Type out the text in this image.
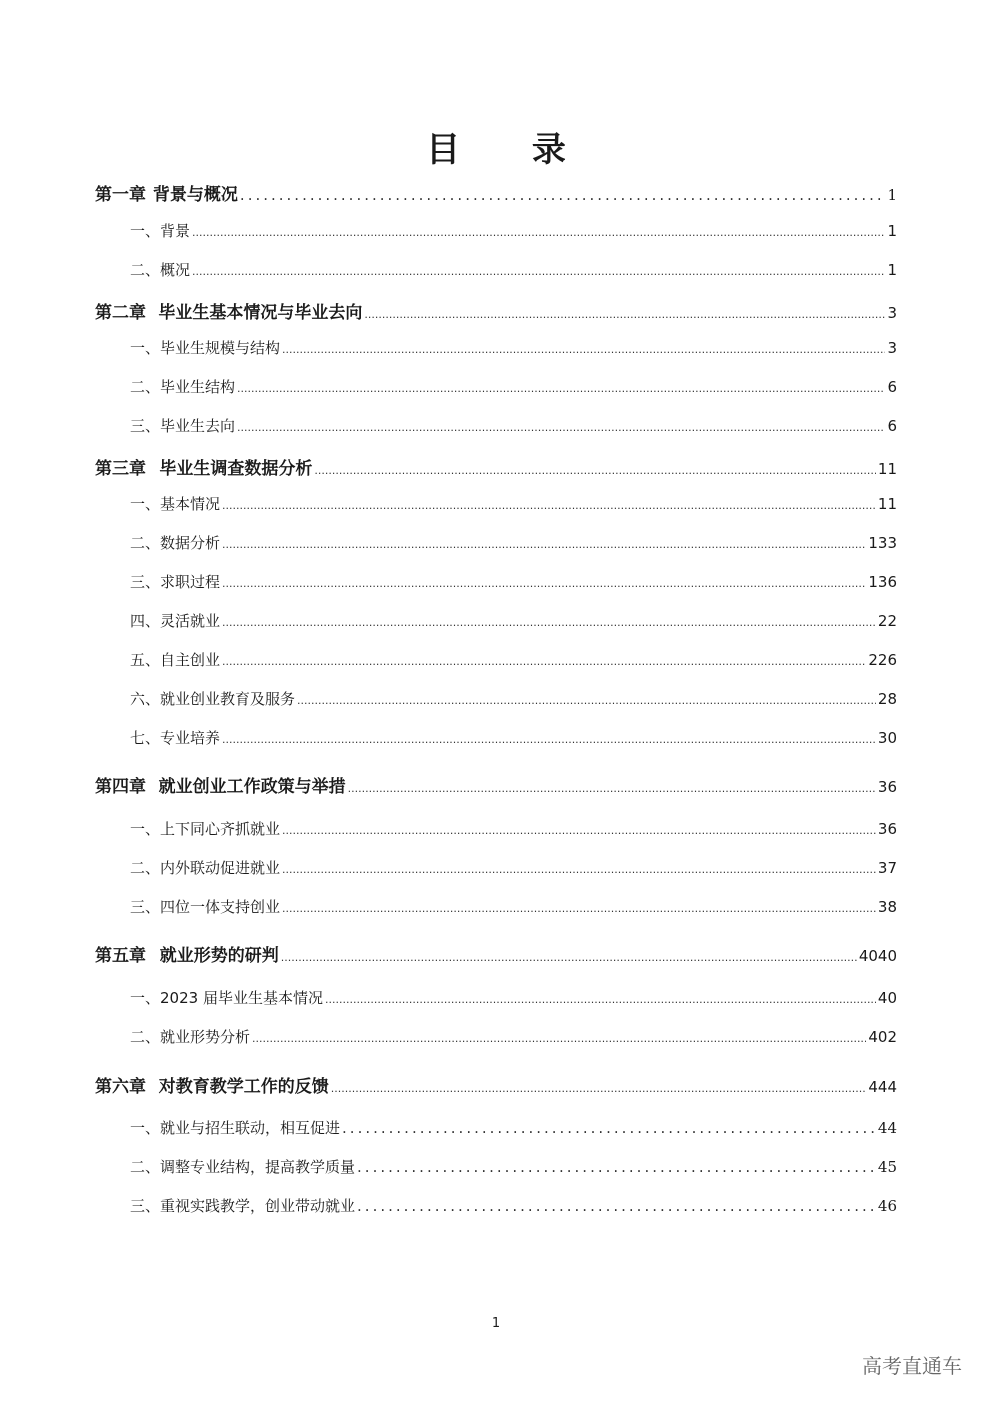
目 录
第一章 背景与概况 .....	1
一、 背景 .....	1
二、 概况 .....	1
第二章 毕业生基本情况与毕业去向 .....	3
一、 毕业生规模与结构 .....	3
二、 毕业生结构 .....	6
三、 毕业生去向 .....	6
第三章 毕业生调查数据分析 .....	11
一、 基本情况 .....	11
二、 数据分析 .....	133
三、 求职过程 .....	136
四、 灵活就业 .....	22
五、 自主创业 .....	226
六、 就业创业教育及服务 .....	28
七、 专业培养 .....	30
第四章 就业创业工作政策与举措 .....	36
一、 上下同心齐抓就业 .....	36
二、 内外联动促进就业 .....	37
三、 四位一体支持创业 .....	38
第五章 就业形势的研判 .....	4040
一、 2023 届毕业生基本情况 .....	40
二、 就业形势分析 .....	402
第六章 对教育教学工作的反馈 .....	444
一、 就业与招生联动，相互促进 .....	44
二、 调整专业结构，提高教学质量 .....	45
三、 重视实践教学，创业带动就业 .....	46
1
高考直通车
